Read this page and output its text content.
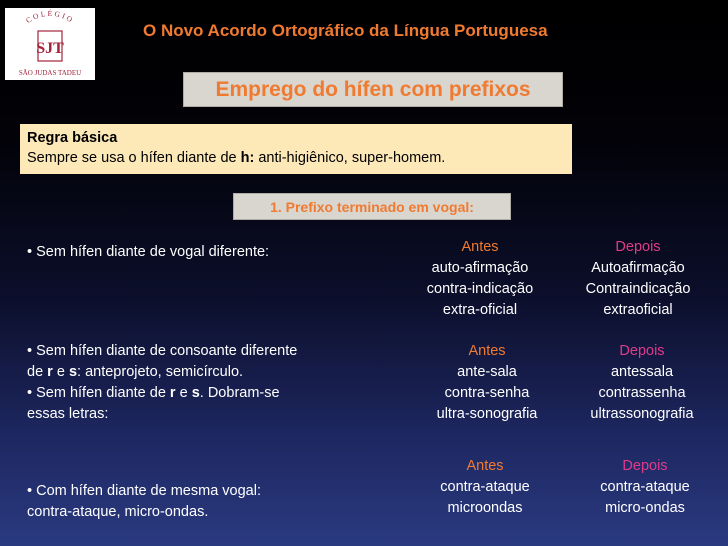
COLÉGIO
SJT
SÃO JUDAS TADEU
O Novo Acordo Ortográfico da Língua Portuguesa
Emprego do hífen com prefixos
Regra básica
Sempre se usa o hífen diante de h: anti-higiênico, super-homem.
1. Prefixo terminado em vogal:
• Sem hífen diante de vogal diferente:	Antes
auto-afirmação
contra-indicação
extra-oficial
Depois
Autoafirmação
Contraindicação
extraoficial
• Sem hífen diante de consoante diferente
de r e s: anteprojeto, semicírculo.
• Sem hífen diante de r e s. Dobram-se
essas letras:
Antes
ante-sala
contra-senha
ultra-sonografia
Depois
antessala
contrassenha
ultrassonografia
• Com hífen diante de mesma vogal:
contra-ataque, micro-ondas.
Antes
contra-ataque
microondas
Depois
contra-ataque
micro-ondas
